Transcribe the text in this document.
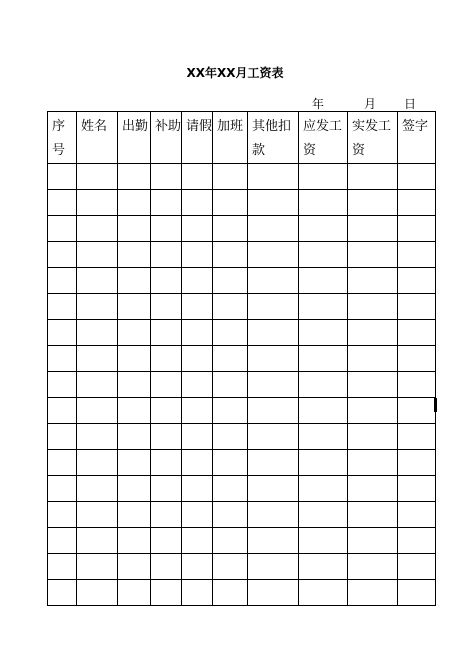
XX年XX月工资表
年	月 日
序号	姓名	出勤	补助	请假	加班	其他扣款	应发工资	实发工资	签字
